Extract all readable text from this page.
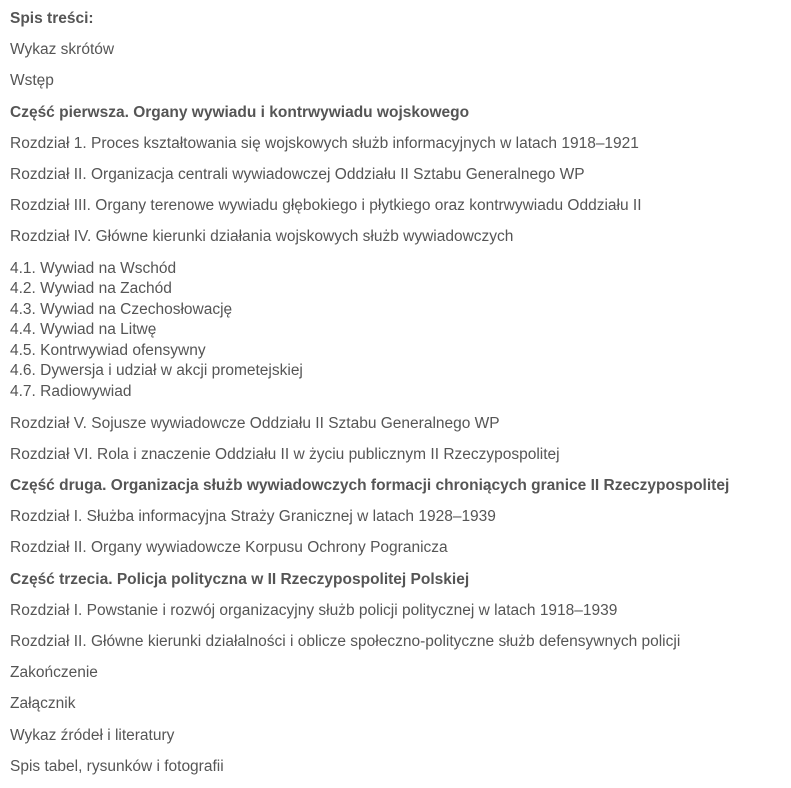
Spis treści:
Wykaz skrótów
Wstęp
Część pierwsza. Organy wywiadu i kontrwywiadu wojskowego
Rozdział 1. Proces kształtowania się wojskowych służb informacyjnych w latach 1918–1921
Rozdział II. Organizacja centrali wywiadowczej Oddziału II Sztabu Generalnego WP
Rozdział III. Organy terenowe wywiadu głębokiego i płytkiego oraz kontrwywiadu Oddziału II
Rozdział IV. Główne kierunki działania wojskowych służb wywiadowczych
4.1. Wywiad na Wschód
4.2. Wywiad na Zachód
4.3. Wywiad na Czechosłowację
4.4. Wywiad na Litwę
4.5. Kontrwywiad ofensywny
4.6. Dywersja i udział w akcji prometejskiej
4.7. Radiowywiad
Rozdział V. Sojusze wywiadowcze Oddziału II Sztabu Generalnego WP
Rozdział VI. Rola i znaczenie Oddziału II w życiu publicznym II Rzeczypospolitej
Część druga. Organizacja służb wywiadowczych formacji chroniących granice II Rzeczypospolitej
Rozdział I. Służba informacyjna Straży Granicznej w latach 1928–1939
Rozdział II. Organy wywiadowcze Korpusu Ochrony Pogranicza
Część trzecia. Policja polityczna w II Rzeczypospolitej Polskiej
Rozdział I. Powstanie i rozwój organizacyjny służb policji politycznej w latach 1918–1939
Rozdział II. Główne kierunki działalności i oblicze społeczno-polityczne służb defensywnych policji
Zakończenie
Załącznik
Wykaz źródeł i literatury
Spis tabel, rysunków i fotografii
